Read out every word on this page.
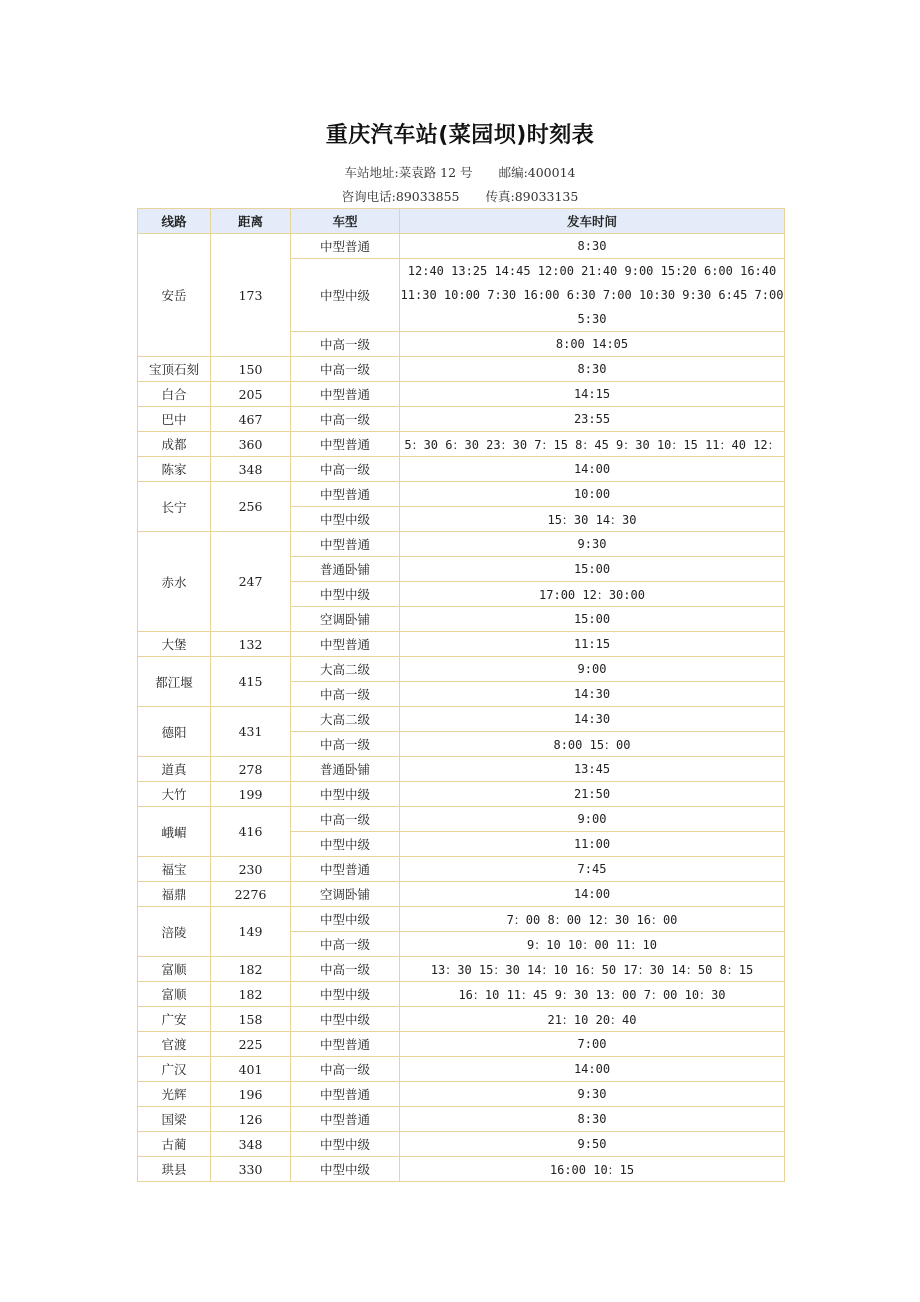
重庆汽车站(菜园坝)时刻表
车站地址:菜袁路 12 号 邮编:400014
咨询电话:89033855 传真:89033135
线路	距离	车型	发车时间
安岳	173	中型普通	8:30
		中型中级	12:40 13:25 14:45 12:00 21:40 9:00 15:20 6:00 16:40 11:30 10:00 7:30 16:00 6:30 7:00 10:30 9:30 6:45 7:00 5:30
		中高一级	8:00 14:05
宝顶石刻	150	中高一级	8:30
白合	205	中型普通	14:15
巴中	467	中高一级	23:55
成都	360	中型普通	5：30 6：30 23：30 7：15 8：45 9：30 10：15 11：40 12：
陈家	348	中高一级	14:00
长宁	256	中型普通	10:00
		中型中级	15：30 14：30
赤水	247	中型普通	9:30
		普通卧铺	15:00
		中型中级	17:00 12：30:00
		空调卧铺	15:00
大堡	132	中型普通	11:15
都江堰	415	大高二级	9:00
		中高一级	14:30
德阳	431	大高二级	14:30
		中高一级	8:00 15：00
道真	278	普通卧铺	13:45
大竹	199	中型中级	21:50
峨嵋	416	中高一级	9:00
		中型中级	11:00
福宝	230	中型普通	7:45
福鼎	2276	空调卧铺	14:00
涪陵	149	中型中级	7：00 8：00 12：30 16：00
		中高一级	9：10 10：00 11：10
富顺	182	中高一级	13：30 15：30 14：10 16：50 17：30 14：50 8：15
富顺	182	中型中级	16：10 11：45 9：30 13：00 7：00 10：30
广安	158	中型中级	21：10 20：40
官渡	225	中型普通	7:00
广汉	401	中高一级	14:00
光辉	196	中型普通	9:30
国梁	126	中型普通	8:30
古蔺	348	中型中级	9:50
珙县	330	中型中级	16:00 10：15
